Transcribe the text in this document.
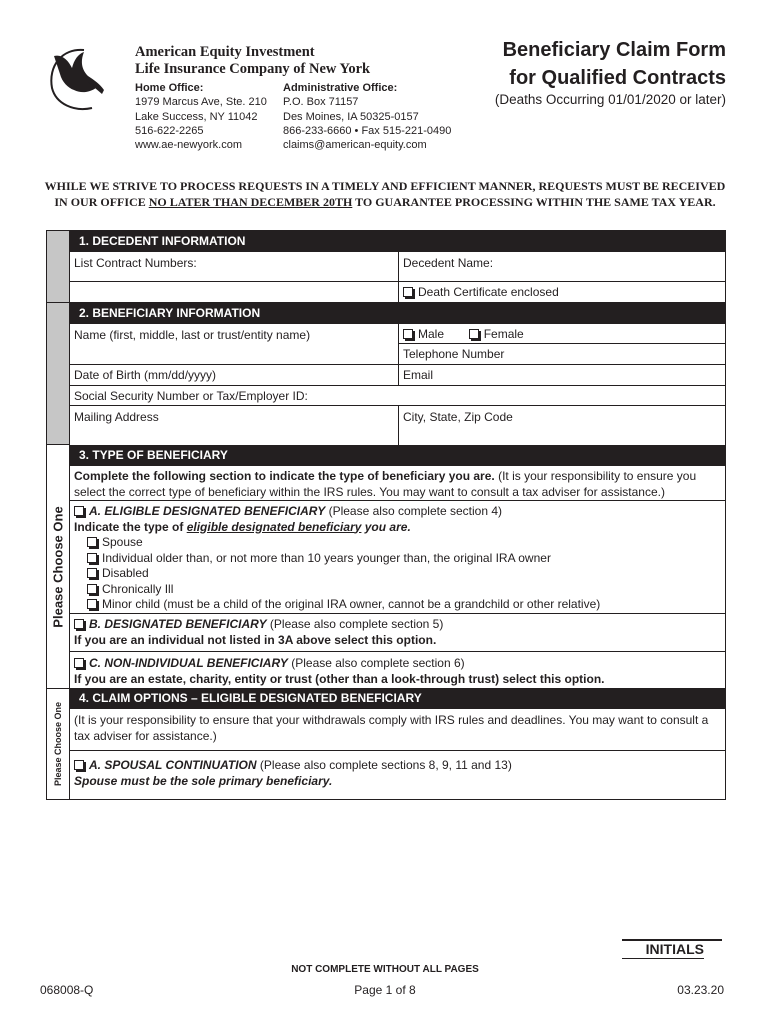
American Equity Investment
Life Insurance Company of New York
Home Office:
1979 Marcus Ave, Ste. 210
Lake Success, NY 11042
516-622-2265
www.ae-newyork.com
Administrative Office:
P.O. Box 71157
Des Moines, IA 50325-0157
866-233-6660 • Fax 515-221-0490
claims@american-equity.com
Beneficiary Claim Form
for Qualified Contracts
(Deaths Occurring 01/01/2020 or later)
WHILE WE STRIVE TO PROCESS REQUESTS IN A TIMELY AND EFFICIENT MANNER, REQUESTS MUST BE RECEIVED IN OUR OFFICE NO LATER THAN DECEMBER 20TH TO GUARANTEE PROCESSING WITHIN THE SAME TAX YEAR.
Please Choose One
Please Choose One
1. DECEDENT INFORMATION
List Contract Numbers:	Decedent Name:
Death Certificate enclosed
2. BENEFICIARY INFORMATION
Name (first, middle, last or trust/entity name)	Male	Female
Telephone Number
Date of Birth (mm/dd/yyyy)	Email
Social Security Number or Tax/Employer ID:
Mailing Address	City, State, Zip Code
3. TYPE OF BENEFICIARY
Complete the following section to indicate the type of beneficiary you are. (It is your responsibility to ensure you select the correct type of beneficiary within the IRS rules. You may want to consult a tax adviser for assistance.)
A. ELIGIBLE DESIGNATED BENEFICIARY (Please also complete section 4)
Indicate the type of eligible designated beneficiary you are.
Spouse
Individual older than, or not more than 10 years younger than, the original IRA owner
Disabled
Chronically Ill
Minor child (must be a child of the original IRA owner, cannot be a grandchild or other relative)
B. DESIGNATED BENEFICIARY (Please also complete section 5)
If you are an individual not listed in 3A above select this option.
C. NON-INDIVIDUAL BENEFICIARY (Please also complete section 6)
If you are an estate, charity, entity or trust (other than a look-through trust) select this option.
4. CLAIM OPTIONS – ELIGIBLE DESIGNATED BENEFICIARY
(It is your responsibility to ensure that your withdrawals comply with IRS rules and deadlines. You may want to consult a tax adviser for assistance.)
A. SPOUSAL CONTINUATION (Please also complete sections 8, 9, 11 and 13)
Spouse must be the sole primary beneficiary.
INITIALS
NOT COMPLETE WITHOUT ALL PAGES
068008-Q	Page 1 of 8	03.23.20
